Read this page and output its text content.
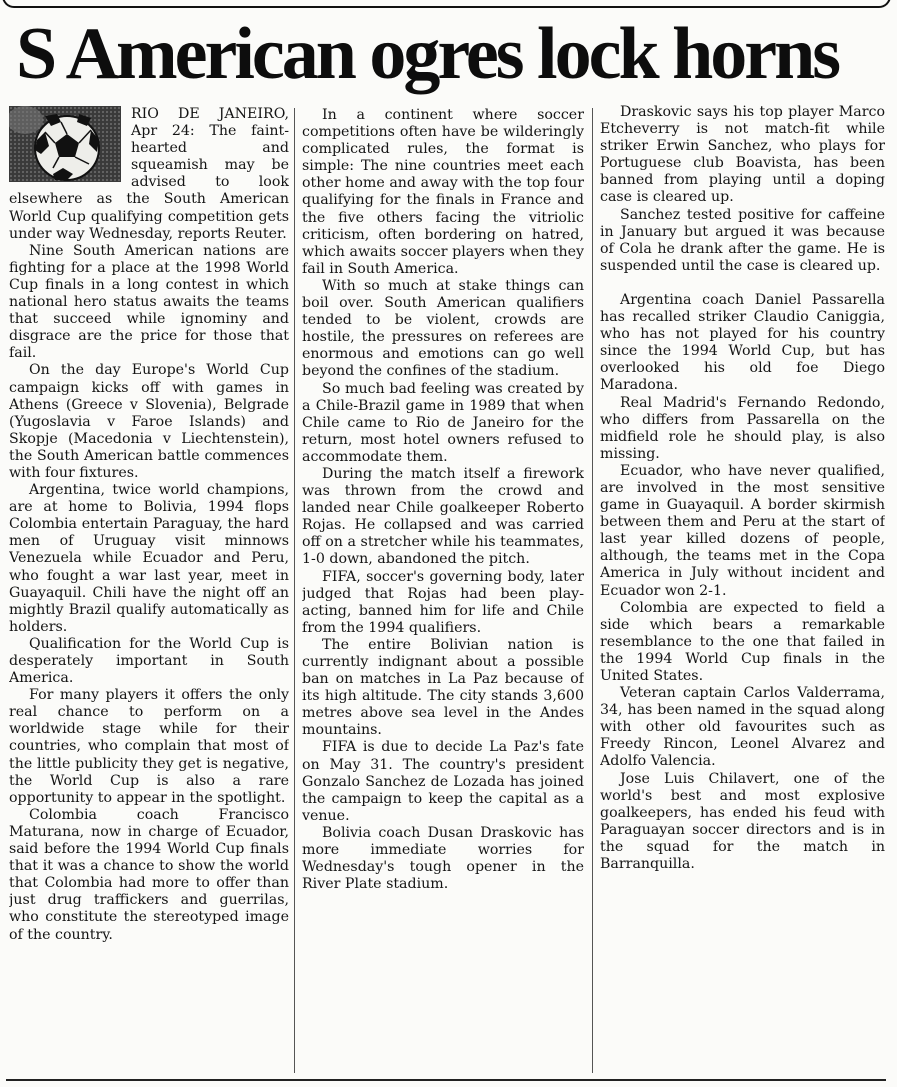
S American ogres lock horns

RIO DE JANEIRO, Apr 24: The faint-hearted and squeamish may be advised to look elsewhere as the South American World Cup qualifying competition gets under way Wednesday, reports Reuter.

Nine South American nations are fighting for a place at the 1998 World Cup finals in a long contest in which national hero status awaits the teams that succeed while ignominy and disgrace are the price for those that fail.

On the day Europe's World Cup campaign kicks off with games in Athens (Greece v Slovenia), Belgrade (Yugoslavia v Faroe Islands) and Skopje (Macedonia v Liechtenstein), the South American battle commences with four fixtures.

Argentina, twice world champions, are at home to Bolivia, 1994 flops Colombia entertain Paraguay, the hard men of Uruguay visit minnows Venezuela while Ecuador and Peru, who fought a war last year, meet in Guayaquil. Chili have the night off an mightly Brazil qualify automatically as holders.

Qualification for the World Cup is desperately important in South America.

For many players it offers the only real chance to perform on a worldwide stage while for their countries, who complain that most of the little publicity they get is negative, the World Cup is also a rare opportunity to appear in the spotlight.

Colombia coach Francisco Maturana, now in charge of Ecuador, said before the 1994 World Cup finals that it was a chance to show the world that Colombia had more to offer than just drug traffickers and guerrilas, who constitute the stereotyped image of the country.

In a continent where soccer competitions often have be wilderingly complicated rules, the format is simple: The nine countries meet each other home and away with the top four qualifying for the finals in France and the five others facing the vitriolic criticism, often bordering on hatred, which awaits soccer players when they fail in South America.

With so much at stake things can boil over. South American qualifiers tended to be violent, crowds are hostile, the pressures on referees are enormous and emotions can go well beyond the confines of the stadium.

So much bad feeling was created by a Chile-Brazil game in 1989 that when Chile came to Rio de Janeiro for the return, most hotel owners refused to accommodate them.

During the match itself a firework was thrown from the crowd and landed near Chile goalkeeper Roberto Rojas. He collapsed and was carried off on a stretcher while his teammates, 1-0 down, abandoned the pitch.

FIFA, soccer's governing body, later judged that Rojas had been play-acting, banned him for life and Chile from the 1994 qualifiers.

The entire Bolivian nation is currently indignant about a possible ban on matches in La Paz because of its high altitude. The city stands 3,600 metres above sea level in the Andes mountains.

FIFA is due to decide La Paz's fate on May 31. The country's president Gonzalo Sanchez de Lozada has joined the campaign to keep the capital as a venue.

Bolivia coach Dusan Draskovic has more immediate worries for Wednesday's tough opener in the River Plate stadium.

Draskovic says his top player Marco Etcheverry is not match-fit while striker Erwin Sanchez, who plays for Portuguese club Boavista, has been banned from playing until a doping case is cleared up.

Sanchez tested positive for caffeine in January but argued it was because of Cola he drank after the game. He is suspended until the case is cleared up.

Argentina coach Daniel Passarella has recalled striker Claudio Caniggia, who has not played for his country since the 1994 World Cup, but has overlooked his old foe Diego Maradona.

Real Madrid's Fernando Redondo, who differs from Passarella on the midfield role he should play, is also missing.

Ecuador, who have never qualified, are involved in the most sensitive game in Guayaquil. A border skirmish between them and Peru at the start of last year killed dozens of people, although, the teams met in the Copa America in July without incident and Ecuador won 2-1.

Colombia are expected to field a side which bears a remarkable resemblance to the one that failed in the 1994 World Cup finals in the United States.

Veteran captain Carlos Valderrama, 34, has been named in the squad along with other old favourites such as Freedy Rincon, Leonel Alvarez and Adolfo Valencia.

Jose Luis Chilavert, one of the world's best and most explosive goalkeepers, has ended his feud with Paraguayan soccer directors and is in the squad for the match in Barranquilla.
